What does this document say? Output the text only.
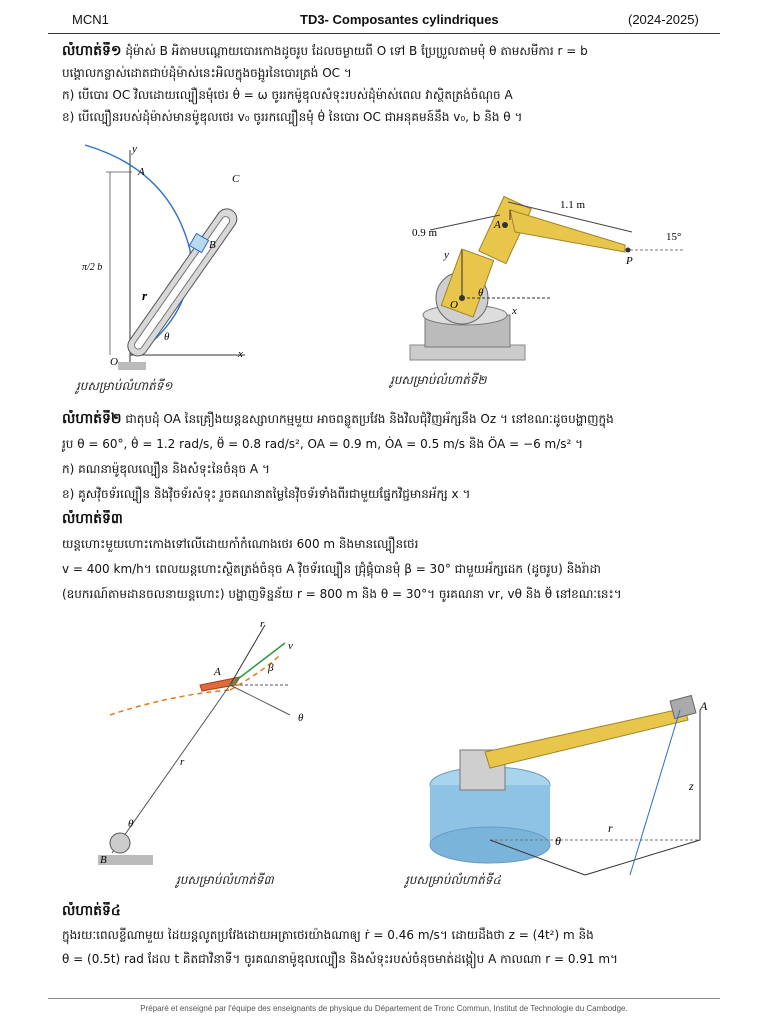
MCN1	TD3- Composantes cylindriques	(2024-2025)
លំហាត់ទី១ ដុំម៉ាស់ B អិតាមបណ្ដោយបោរកោងដូចរូប ដែលចម្ងាយពី O ទៅ B ប្រែប្រួលតាមមុំ θ តាមសមីការ r = b
បង្គោលកន្លាស់ដោតជាប់ដុំម៉ាស់នេះអិលក្នុងចង្អូរនៃបោរត្រង់ OC ។
ក) បើបោរ OC វិលដោយល្បឿនមុំថេរ θ̇ = ω ចូររកម៉ូឌុលសំទុះរបស់ដុំម៉ាស់ពេល វាស្ថិតត្រង់ចំណុច A
ខ) បើល្បឿនរបស់ដុំម៉ាស់មានម៉ូឌុលថេរ v₀ ចូររកល្បឿនមុំ θ̇ នៃបោរ OC ជាអនុគមន៍នឹង v₀, b និង θ ។
y
x
A
C
B
O
r
θ
π/2 b
រូបសម្រាប់លំហាត់ទី១
1.1 m
0.9 m	15°
A
P
O
y
x
θ
រូបសម្រាប់លំហាត់ទី២
លំហាត់ទី២ ជាតុបដុំ OA នៃគ្រឿងយន្តឧស្សាហកម្មមួយ អាចពន្លូតប្រវែង និងវិលជុំវិញអ័ក្សនឹង Oz ។ នៅខណៈដូចបង្ហាញក្នុង
រូប θ = 60°, θ̇ = 1.2 rad/s, θ̈ = 0.8 rad/s², OA = 0.9 m, ȮA = 0.5 m/s និង ÖA = −6 m/s² ។
ក) គណនាម៉ូឌុលល្បឿន និងសំទុះនៃចំនុច A ។
ខ) គូសវ៉ិចទ័រល្បឿន និងវ៉ិចទ័រសំទុះ រួចគណនាតម្លៃនៃវ៉ិចទ័រទាំងពីរជាមួយផ្នែកវិជ្ជមានអ័ក្ស x ។
លំហាត់ទី៣
យន្តហោះមួយហោះកោងទៅលើដោយកាំកំណោងថេរ 600 m និងមានល្បឿនថេរ
v = 400 km/h។ ពេលយន្តហោះស្ថិតត្រង់ចំនុច A វ៉ិចទ័រល្បឿន ជ្រុំផ្គុំបានមុំ β = 30° ជាមួយអ័ក្សដេក (ដូចរូប) និងរ៉ាដា
(ឧបករណ៍តាមដានចលនាយន្តហោះ) បង្ហាញទិន្នន័យ r = 800 m និង θ = 30°។ ចូរគណនា vr, vθ និង θ̈ នៅខណៈនេះ។
r
v
A	β
θ
r
θ
B
រូបសម្រាប់លំហាត់ទី៣
A
z
r
θ
រូបសម្រាប់លំហាត់ទី៤
លំហាត់ទី៤
ក្នុងរយៈពេលខ្លីណាមួយ ដៃយន្តលូតប្រវែងដោយអត្រាថេរយ៉ាងណាឲ្យ ṙ = 0.46 m/s។ ដោយដឹងថា z = (4t²) m និង
θ = (0.5t) rad ដែល t គិតជាវិនាទី។ ចូរគណនាម៉ូឌុលល្បឿន និងសំទុះរបស់ចំនុចមាត់ដង្កៀប A កាលណា r = 0.91 m។
Préparé et enseigné par l'équipe des enseignants de physique du Département de Tronc Commun, Institut de Technologie du Cambodge.
